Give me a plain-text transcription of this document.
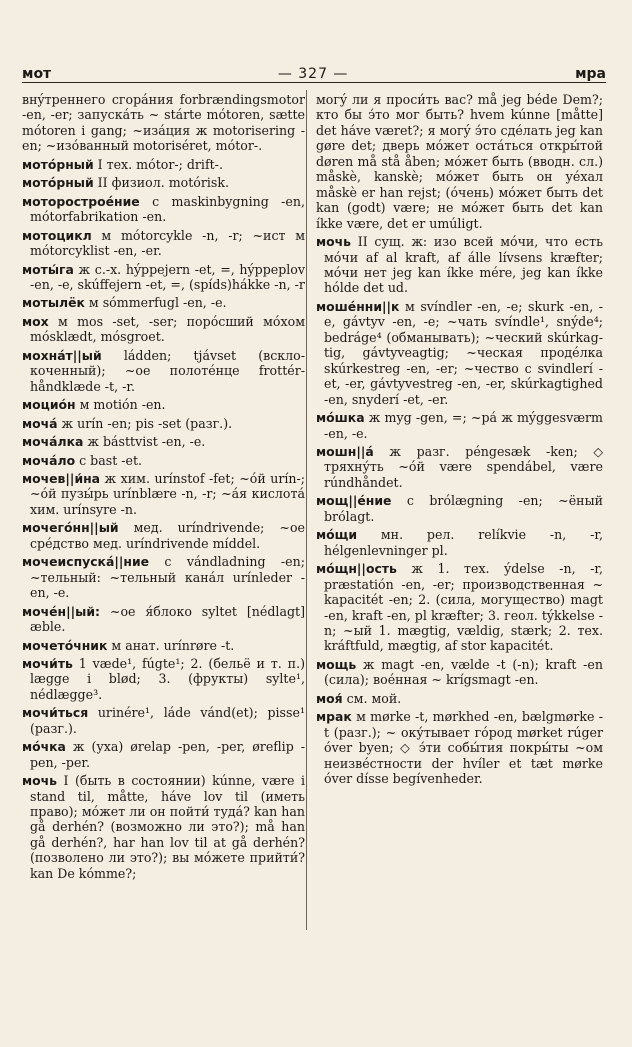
мот	— 327 —	мра

внýтреннего сгорáния forbrændingsmotor -en, -er; запускáть ~ stárte mótoren, sætte mótoren i gang; ~изáция ж motorisering -en; ~изóванный motoriséret, mótor-.

мотóрный I тех. mótor-; drift-.

мотóрный II физиол. motórisk.

моторостроéние с maskinbygning -en, mótorfabrikation -en.

мотоцикл м mótorcykle -n, -r; ~ист м mótorcyklist -en, -er.

моты́га ж с.-х. hýppejern -et, =, hýppeplov -en, -e, skúffejern -et, =, (spíds)hákke -n, -r

мотылёк м sómmerfugl -en, -e.

мох м mos -set, -ser; порóсший мóхом mósklædt, mósgroet.

мохнáт||ый ládden; tjávset (всклокоченный); ~ое полотéнце frottérhåndklæde -t, -r.

моциóн м motión -en.

мочá ж urín -en; pis -set (разг.).

мочáлка ж básttvist -en, -e.

мочáло с bast -et.

мочев||и́на ж хим. urínstof -fet; ~óй urín-; ~óй пузы́рь urínblære -n, -r; ~áя кислотá хим. urínsyre -n.

мочегóнн||ый мед. uríndrivende; ~ое срéдство мед. uríndrivende míddel.

мочеиспускá||ние с vándladning -en; ~тельный: ~тельный канáл urínleder -en, -e.

мочéн||ый: ~ое я́блоко syltet [nédlagt] æble.

мочетóчник м анат. urínrøre -t.

мочи́ть 1 væde¹, fúgte¹; 2. (бельё и т. п.) lægge i blød; 3. (фрукты) sylte¹, nédlægge³.

мочи́ться urinére¹, láde vánd(et); pisse¹ (разг.).

мóчка ж (уха) ørelap -pen, -per, øreflip -pen, -per.

мочь I (быть в состоянии) kúnne, være i stand til, måtte, háve lov til (иметь право); мóжет ли он пойти́ тудá? kan han gå derhén? (возможно ли это?); må han gå derhén?, har han lov til at gå derhén? (позволено ли это?); вы мóжете прийти́? kan De kómme?;

могý ли я проси́ть вас? må jeg béde Dem?; кто бы э́то мог быть? hvem kúnne [måtte] det háve været?; я могý э́то сдéлать jeg kan gøre det; дверь мóжет остáться откры́той døren må stå åben; мóжет быть (вводн. сл.) måskè, kanskè; мóжет быть он уéхал måskè er han rejst; (óчень) мóжет быть det kan (godt) være; не мóжет быть det kan íkke være, det er umúligt.

мочь II сущ. ж: изо всей мóчи, что есть мóчи af al kraft, af álle lívsens kræfter; мóчи нет jeg kan íkke mére, jeg kan íkke hólde det ud.

мошéнни||к м svíndler -en, -e; skurk -en, -e, gávtyv -en, -e; ~чать svíndle¹, snýde⁴; bedráge⁴ (обманывать); ~ческий skúrkagtig, gávtyveagtig; ~ческая продéлка skúrkestreg -en, -er; ~чество с svindlerí -et, -er, gávtyvestreg -en, -er, skúrkagtighed -en, snyderí -et, -er.

мóшка ж myg -gen, =; ~рá ж mýggesværm -en, -e.

мошн||á ж разг. péngesæk -ken; ◇ тряхну́ть ~óй være spendábel, være rúndhåndet.

мощ||éние с brólægning -en; ~ёный brólagt.

мóщи мн. рел. relíkvie -n, -r, hélgenlevninger pl.

мóщн||ость ж 1. тех. ýdelse -n, -r, præstatión -en, -er; производственная ~ kapacitét -en; 2. (сила, могущество) magt -en, kraft -en, pl kræfter; 3. геол. týkkelse -n; ~ый 1. mægtig, vældig, stærk; 2. тех. kráftfuld, mægtig, af stor kapacitét.

мощь ж magt -en, vælde -t (-n); kraft -en (сила); воéнная ~ krígsmagt -en.

моя́ см. мой.

мрак м mørke -t, mørkhed -en, bælgmørke -t (разг.); ~ оку́тывает гóрод mørket rúger óver byen; ◇ э́ти собы́тия покры́ты ~ом неизвéстности der hvíler et tæt mørke óver dísse begívenheder.
